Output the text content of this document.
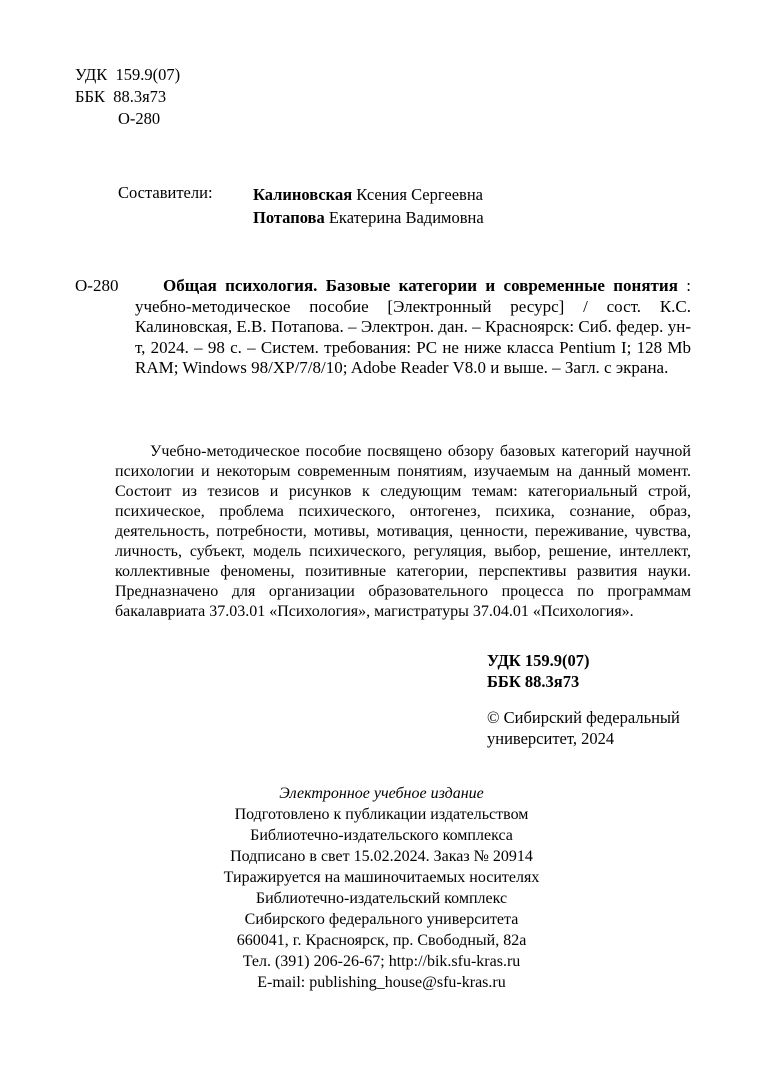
УДК  159.9(07)
ББК  88.3я73
О-280
Составители:	Калиновская Ксения Сергеевна
Потапова Екатерина Вадимовна
О-280	Общая психология. Базовые категории и современные понятия : учебно-методическое пособие [Электронный ресурс] / сост. К.С. Калиновская, Е.В. Потапова. – Электрон. дан. – Красноярск: Сиб. федер. ун-т, 2024. – 98 с. – Систем. требования: PC не ниже класса Pentium I; 128 Mb RAM; Windows 98/XP/7/8/10; Adobe Reader V8.0 и выше. – Загл. с экрана.

Учебно-методическое пособие посвящено обзору базовых категорий научной психологии и некоторым современным понятиям, изучаемым на данный момент. Состоит из тезисов и рисунков к следующим темам: категориальный строй, психическое, проблема психического, онтогенез, психика, сознание, образ, деятельность, потребности, мотивы, мотивация, ценности, переживание, чувства, личность, субъект, модель психического, регуляция, выбор, решение, интеллект, коллективные феномены, позитивные категории, перспективы развития науки. Предназначено для организации образовательного процесса по программам бакалавриата 37.03.01 «Психология», магистратуры 37.04.01 «Психология».

УДК 159.9(07)
ББК 88.3я73
© Сибирский федеральный
университет, 2024
Электронное учебное издание
Подготовлено к публикации издательством
Библиотечно-издательского комплекса
Подписано в свет 15.02.2024. Заказ № 20914
Тиражируется на машиночитаемых носителях
Библиотечно-издательский комплекс
Сибирского федерального университета
660041, г. Красноярск, пр. Свободный, 82а
Тел. (391) 206-26-67; http://bik.sfu-kras.ru
E-mail: publishing_house@sfu-kras.ru
